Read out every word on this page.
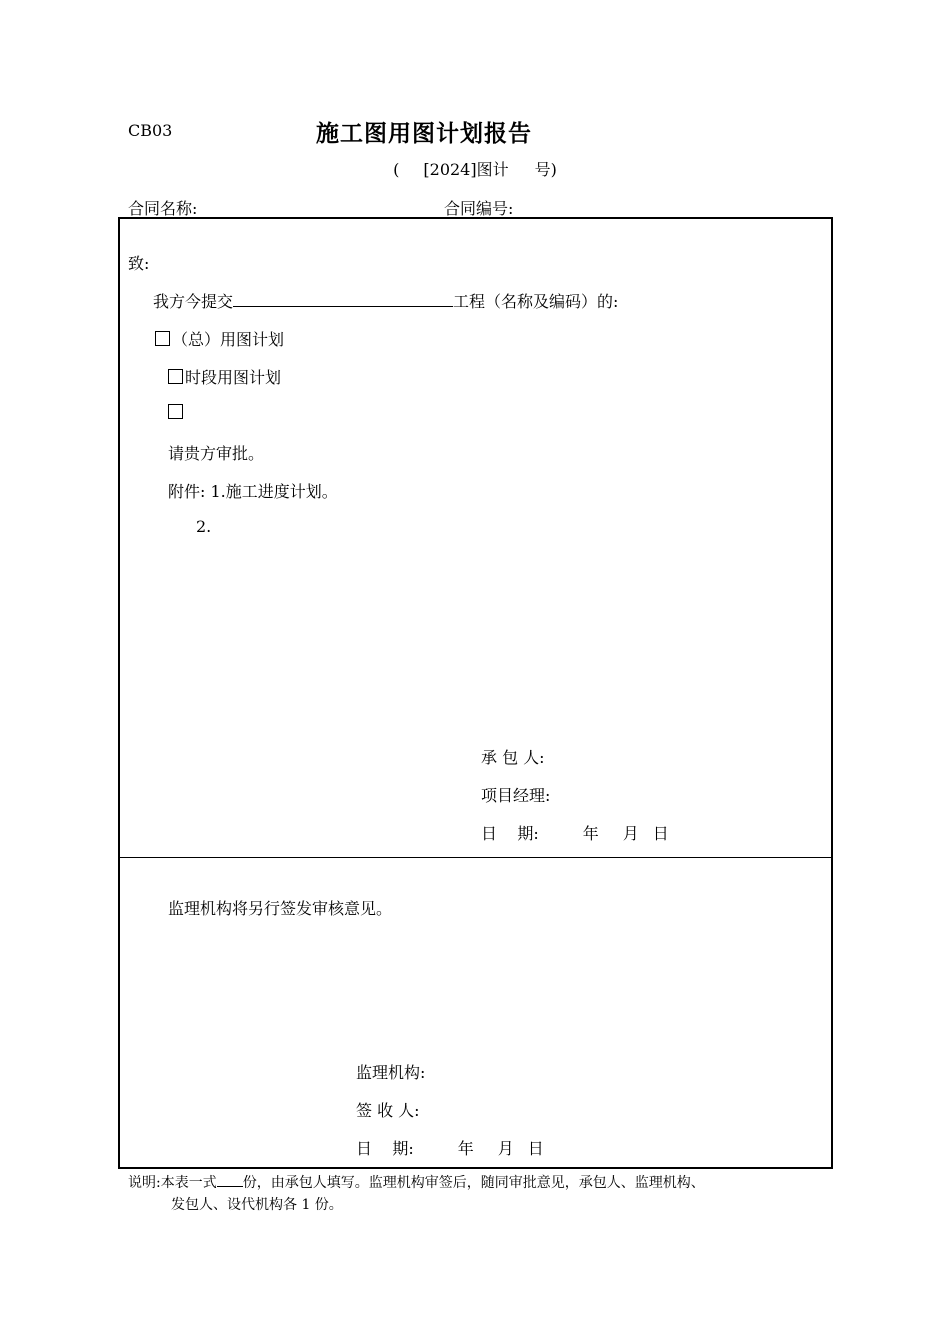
CB03	施工图用图计划报告
( [2024]图计 号)
合同名称:	合同编号:
致:
我方今提交	工程（名称及编码）的:
（总）用图计划
时段用图计划
请贵方审批。
附件: 1.施工进度计划。
2.
承 包 人:
项目经理:
日    期:	年 月 日
监理机构将另行签发审核意见。
监理机构:
签 收 人:
日    期:	年 月 日
说明:本表一式 份，由承包人填写。监理机构审签后，随同审批意见，承包人、监理机构、
发包人、设代机构各 1 份。
